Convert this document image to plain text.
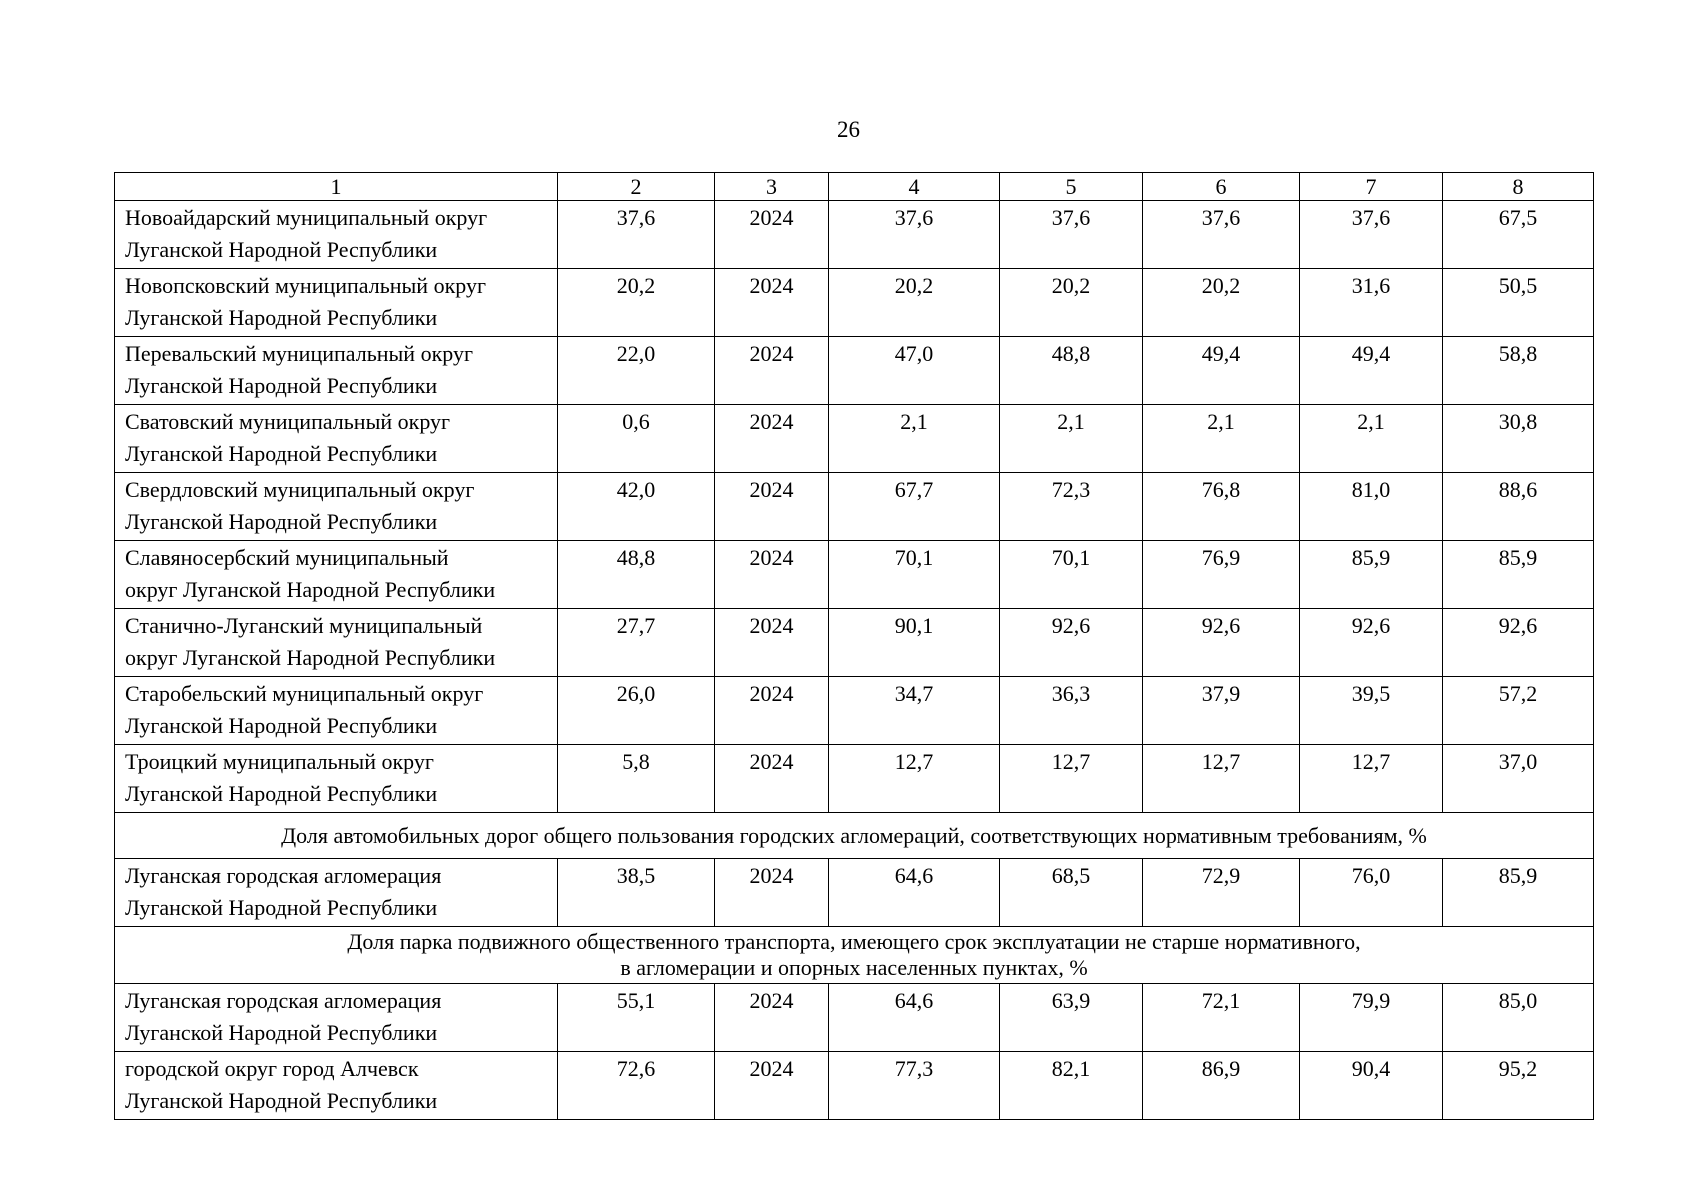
26
1	2	3	4	5	6	7	8

Новоайдарский муниципальный округ
Луганской Народной Республики	37,6	2024	37,6	37,6	37,6	37,6	67,5

Новопсковский муниципальный округ
Луганской Народной Республики	20,2	2024	20,2	20,2	20,2	31,6	50,5

Перевальский муниципальный округ
Луганской Народной Республики	22,0	2024	47,0	48,8	49,4	49,4	58,8

Сватовский муниципальный округ
Луганской Народной Республики	0,6	2024	2,1	2,1	2,1	2,1	30,8

Свердловский муниципальный округ
Луганской Народной Республики	42,0	2024	67,7	72,3	76,8	81,0	88,6

Славяносербский муниципальный
округ Луганской Народной Республики	48,8	2024	70,1	70,1	76,9	85,9	85,9

Станично-Луганский муниципальный
округ Луганской Народной Республики	27,7	2024	90,1	92,6	92,6	92,6	92,6

Старобельский муниципальный округ
Луганской Народной Республики	26,0	2024	34,7	36,3	37,9	39,5	57,2

Троицкий муниципальный округ
Луганской Народной Республики	5,8	2024	12,7	12,7	12,7	12,7	37,0
Доля автомобильных дорог общего пользования городских агломераций, соответствующих нормативным требованиям, %							

Луганская городская агломерация
Луганской Народной Республики	38,5	2024	64,6	68,5	72,9	76,0	85,9

Доля парка подвижного общественного транспорта, имеющего срок эксплуатации не старше нормативного,
в агломерации и опорных населенных пунктах, %							

Луганская городская агломерация
Луганской Народной Республики	55,1	2024	64,6	63,9	72,1	79,9	85,0

городской округ город Алчевск
Луганской Народной Республики	72,6	2024	77,3	82,1	86,9	90,4	95,2
